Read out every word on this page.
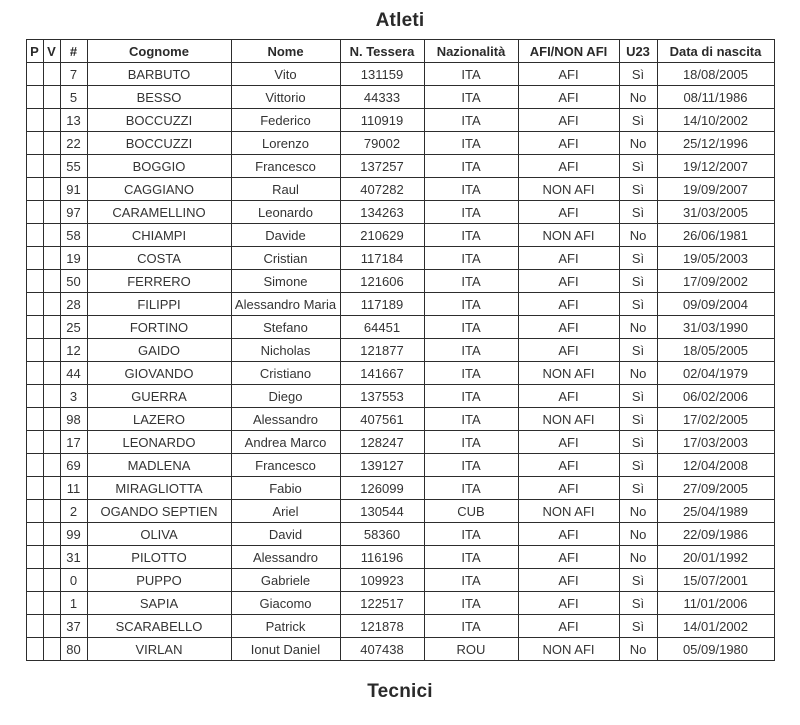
Atleti
P	V	#	Cognome	Nome	N. Tessera	Nazionalità	AFI/NON AFI	U23	Data di nascita
		7	BARBUTO	Vito	131159	ITA	AFI	Sì	18/08/2005
		5	BESSO	Vittorio	44333	ITA	AFI	No	08/11/1986
		13	BOCCUZZI	Federico	110919	ITA	AFI	Sì	14/10/2002
		22	BOCCUZZI	Lorenzo	79002	ITA	AFI	No	25/12/1996
		55	BOGGIO	Francesco	137257	ITA	AFI	Sì	19/12/2007
		91	CAGGIANO	Raul	407282	ITA	NON AFI	Sì	19/09/2007
		97	CARAMELLINO	Leonardo	134263	ITA	AFI	Sì	31/03/2005
		58	CHIAMPI	Davide	210629	ITA	NON AFI	No	26/06/1981
		19	COSTA	Cristian	117184	ITA	AFI	Sì	19/05/2003
		50	FERRERO	Simone	121606	ITA	AFI	Sì	17/09/2002
		28	FILIPPI	Alessandro Maria	117189	ITA	AFI	Sì	09/09/2004
		25	FORTINO	Stefano	64451	ITA	AFI	No	31/03/1990
		12	GAIDO	Nicholas	121877	ITA	AFI	Sì	18/05/2005
		44	GIOVANDO	Cristiano	141667	ITA	NON AFI	No	02/04/1979
		3	GUERRA	Diego	137553	ITA	AFI	Sì	06/02/2006
		98	LAZERO	Alessandro	407561	ITA	NON AFI	Sì	17/02/2005
		17	LEONARDO	Andrea Marco	128247	ITA	AFI	Sì	17/03/2003
		69	MADLENA	Francesco	139127	ITA	AFI	Sì	12/04/2008
		11	MIRAGLIOTTA	Fabio	126099	ITA	AFI	Sì	27/09/2005
		2	OGANDO SEPTIEN	Ariel	130544	CUB	NON AFI	No	25/04/1989
		99	OLIVA	David	58360	ITA	AFI	No	22/09/1986
		31	PILOTTO	Alessandro	116196	ITA	AFI	No	20/01/1992
		0	PUPPO	Gabriele	109923	ITA	AFI	Sì	15/07/2001
		1	SAPIA	Giacomo	122517	ITA	AFI	Sì	11/01/2006
		37	SCARABELLO	Patrick	121878	ITA	AFI	Sì	14/01/2002
		80	VIRLAN	Ionut Daniel	407438	ROU	NON AFI	No	05/09/1980
Tecnici
